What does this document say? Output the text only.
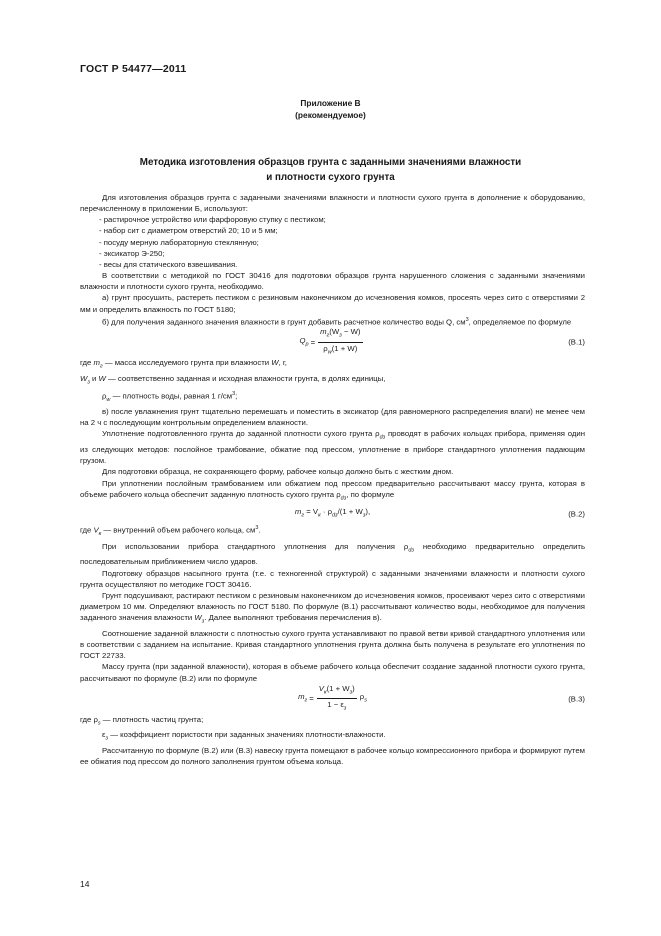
ГОСТ Р 54477—2011
Приложение В
(рекомендуемое)
Методика изготовления образцов грунта с заданными значениями влажности
и плотности сухого грунта

Для изготовления образцов грунта с заданными значениями влажности и плотности сухого грунта в дополнение к оборудованию, перечисленному в приложении Б, используют:

- растирочное устройство или фарфоровую ступку с пестиком;

- набор сит с диаметром отверстий 20; 10 и 5 мм;

- посуду мерную лабораторную стеклянную;

- эксикатор Э-250;

- весы для статического взвешивания.

В соответствии с методикой по ГОСТ 30416 для подготовки образцов грунта нарушенного сложения с заданными значениями влажности и плотности сухого грунта, необходимо.

а) грунт просушить, растереть пестиком с резиновым наконечником до исчезновения комков, просеять через сито с отверстиями 2 мм и определить влажность по ГОСТ 5180;

б) для получения заданного значения влажности в грунт добавить расчетное количество воды Q, $см^3$, определяемое по формуле

$Q_p = \frac{m_г(W_з - W)}{\rho_w(1 + W)}$	(В.1)

где $m_г$ — масса исследуемого грунта при влажности W, г,

$W_з$ и W — соответственно заданная и исходная влажности грунта, в долях единицы,

$\rho_w$ — плотность воды, равная 1 $г/см^3$;

в) после увлажнения грунт тщательно перемешать и поместить в эксикатор (для равномерного распределения влаги) не менее чем на 2 ч с последующим контрольным определением влажности.

Уплотнение подготовленного грунта до заданной плотности сухого грунта $\rho_{dз}$ проводят в рабочих кольцах прибора, применяя один из следующих методов: послойное трамбование, обжатие под прессом, уплотнение в приборе стандартного уплотнения падающим грузом.

Для подготовки образца, не сохраняющего форму, рабочее кольцо должно быть с жестким дном.

При уплотнении послойным трамбованием или обжатием под прессом предварительно рассчитывают массу грунта, которая в объеме рабочего кольца обеспечит заданную плотность сухого грунта $\rho_{dз}$, по формуле

$m_г = V_к \cdot \rho_{dз}/(1 + W_з)$,	(В.2)

где $V_к$ — внутренний объем рабочего кольца, $см^3$.

При использовании прибора стандартного уплотнения для получения $\rho_{dз}$ необходимо предварительно определить последовательным приближением число ударов.

Подготовку образцов насыпного грунта (т.е. с техногенной структурой) с заданными значениями влажности и плотности сухого грунта осуществляют по методике ГОСТ 30416.

Грунт подсушивают, растирают пестиком с резиновым наконечником до исчезновения комков, просеивают через сито с отверстиями диаметром 10 мм. Определяют влажность по ГОСТ 5180. По формуле (В.1) рассчитывают количество воды, необходимое для получения заданного значения влажности $W_з$. Далее выполняют требования перечисления в).

Соотношение заданной влажности с плотностью сухого грунта устанавливают по правой ветви кривой стандартного уплотнения или в соответствии с заданием на испытание. Кривая стандартного уплотнения грунта должна быть получена в результате его уплотнения по ГОСТ 22733.

Массу грунта (при заданной влажности), которая в объеме рабочего кольца обеспечит создание заданной плотности сухого грунта, рассчитывают по формуле (В.2) или по формуле

$m_г = \frac{V_к(1 + W_з)}{1 - \varepsilon_з} \rho_s$	(В.3)

где $\rho_s$ — плотность частиц грунта;

$\varepsilon_з$ — коэффициент пористости при заданных значениях плотности-влажности.

Рассчитанную по формуле (В.2) или (В.3) навеску грунта помещают в рабочее кольцо компрессионного прибора и формируют путем ее обжатия под прессом до полного заполнения грунтом объема кольца.

14
